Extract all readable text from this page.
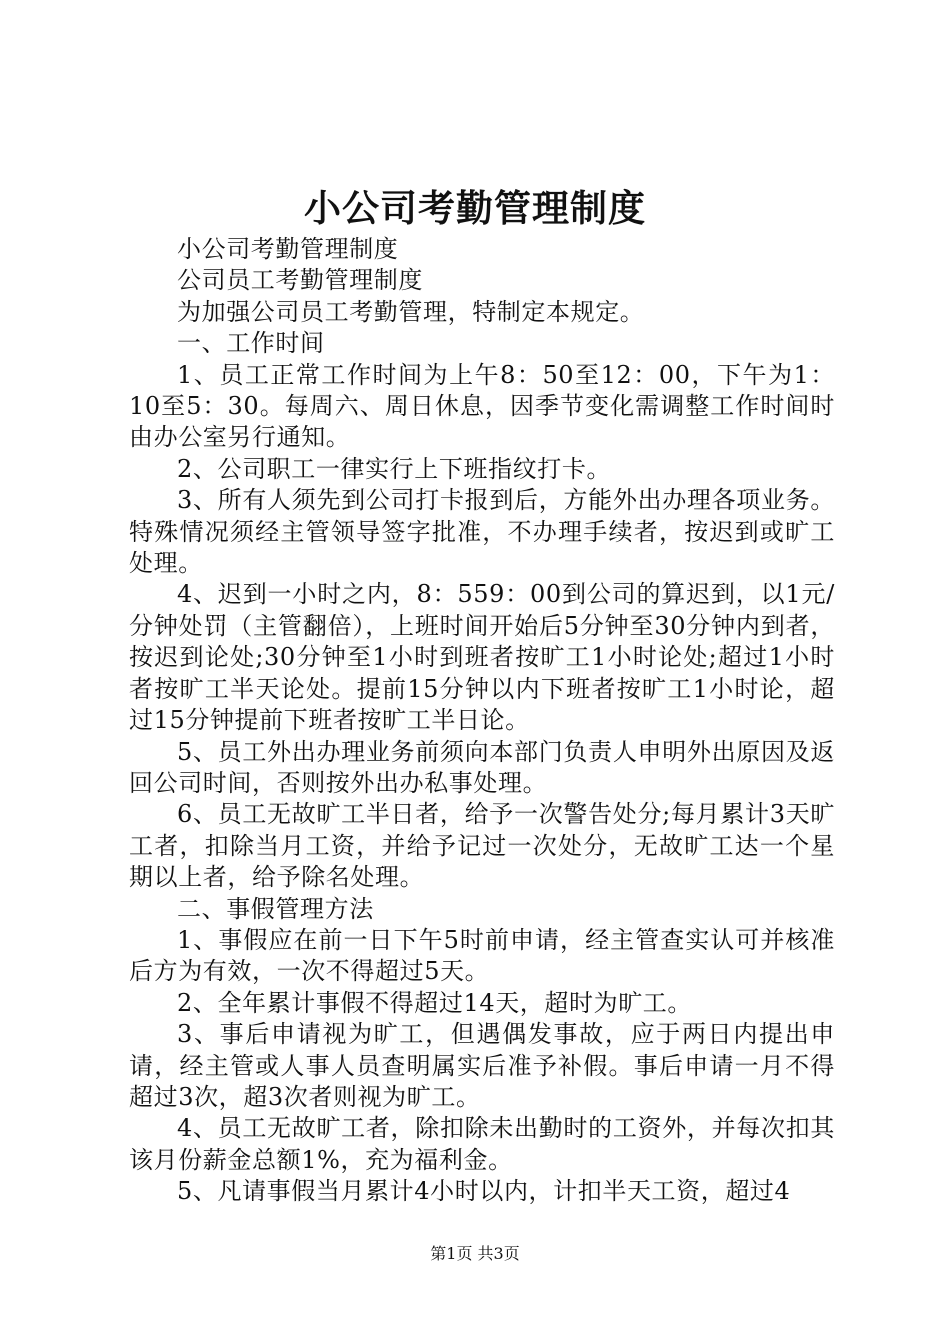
小公司考勤管理制度

小公司考勤管理制度

公司员工考勤管理制度

为加强公司员工考勤管理，特制定本规定。

一、工作时间

1、员工正常工作时间为上午8：50至12：00，下午为1：10至5：30。每周六、周日休息，因季节变化需调整工作时间时由办公室另行通知。

2、公司职工一律实行上下班指纹打卡。

3、所有人须先到公司打卡报到后，方能外出办理各项业务。特殊情况须经主管领导签字批准，不办理手续者，按迟到或旷工处理。

4、迟到一小时之内，8：559：00到公司的算迟到，以1元/分钟处罚（主管翻倍），上班时间开始后5分钟至30分钟内到者，按迟到论处;30分钟至1小时到班者按旷工1小时论处;超过1小时者按旷工半天论处。提前15分钟以内下班者按旷工1小时论，超过15分钟提前下班者按旷工半日论。

5、员工外出办理业务前须向本部门负责人申明外出原因及返回公司时间，否则按外出办私事处理。

6、员工无故旷工半日者，给予一次警告处分;每月累计3天旷工者，扣除当月工资，并给予记过一次处分，无故旷工达一个星期以上者，给予除名处理。

二、事假管理方法

1、事假应在前一日下午5时前申请，经主管查实认可并核准后方为有效，一次不得超过5天。

2、全年累计事假不得超过14天，超时为旷工。

3、事后申请视为旷工，但遇偶发事故，应于两日内提出申请，经主管或人事人员查明属实后准予补假。事后申请一月不得超过3次，超3次者则视为旷工。

4、员工无故旷工者，除扣除未出勤时的工资外，并每次扣其该月份薪金总额1%，充为福利金。

5、凡请事假当月累计4小时以内，计扣半天工资，超过4

第1页 共3页
